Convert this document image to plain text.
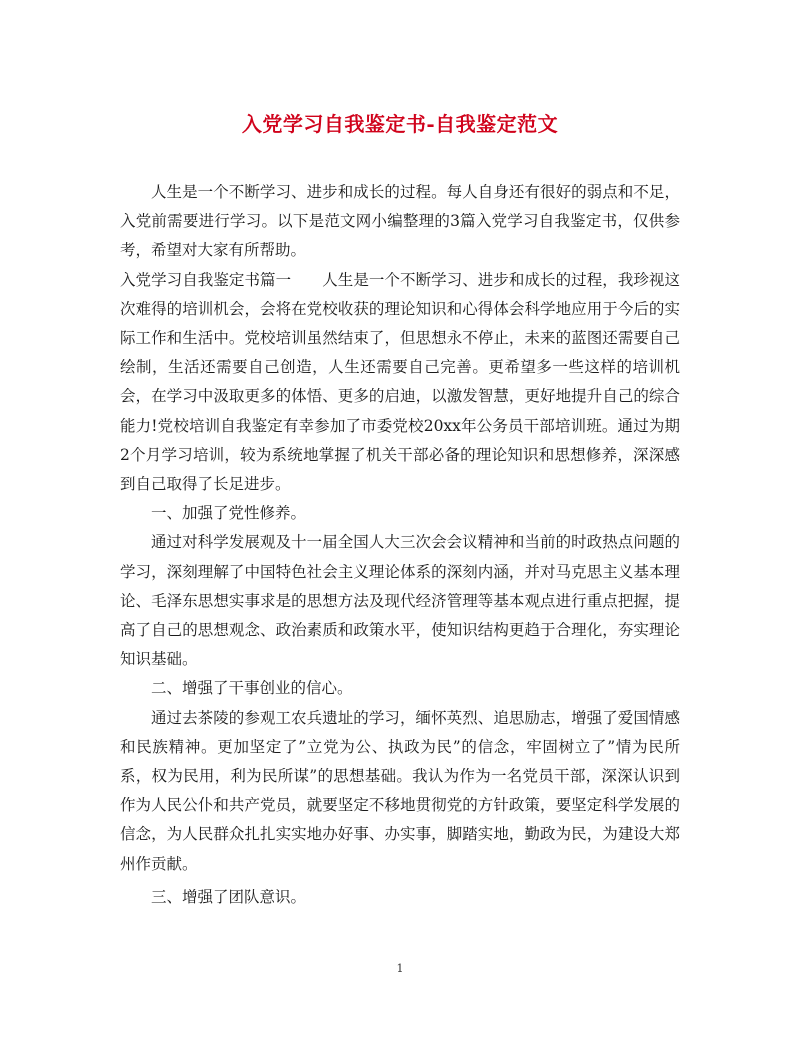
入党学习自我鉴定书-自我鉴定范文

人生是一个不断学习、进步和成长的过程。每人自身还有很好的弱点和不足，入党前需要进行学习。以下是范文网小编整理的3篇入党学习自我鉴定书，仅供参考，希望对大家有所帮助。

入党学习自我鉴定书篇一　　人生是一个不断学习、进步和成长的过程，我珍视这次难得的培训机会，会将在党校收获的理论知识和心得体会科学地应用于今后的实际工作和生活中。党校培训虽然结束了，但思想永不停止，未来的蓝图还需要自己绘制，生活还需要自己创造，人生还需要自己完善。更希望多一些这样的培训机会，在学习中汲取更多的体悟、更多的启迪，以激发智慧，更好地提升自己的综合能力!党校培训自我鉴定有幸参加了市委党校20xx年公务员干部培训班。通过为期2个月学习培训，较为系统地掌握了机关干部必备的理论知识和思想修养，深深感到自己取得了长足进步。

一、加强了党性修养。

通过对科学发展观及十一届全国人大三次会会议精神和当前的时政热点问题的学习，深刻理解了中国特色社会主义理论体系的深刻内涵，并对马克思主义基本理论、毛泽东思想实事求是的思想方法及现代经济管理等基本观点进行重点把握，提高了自己的思想观念、政治素质和政策水平，使知识结构更趋于合理化，夯实理论知识基础。

二、增强了干事创业的信心。

通过去茶陵的参观工农兵遗址的学习，缅怀英烈、追思励志，增强了爱国情感和民族精神。更加坚定了”立党为公、执政为民”的信念，牢固树立了”情为民所系，权为民用，利为民所谋”的思想基础。我认为作为一名党员干部，深深认识到作为人民公仆和共产党员，就要坚定不移地贯彻党的方针政策，要坚定科学发展的信念，为人民群众扎扎实实地办好事、办实事，脚踏实地，勤政为民，为建设大郑州作贡献。

三、增强了团队意识。

1
